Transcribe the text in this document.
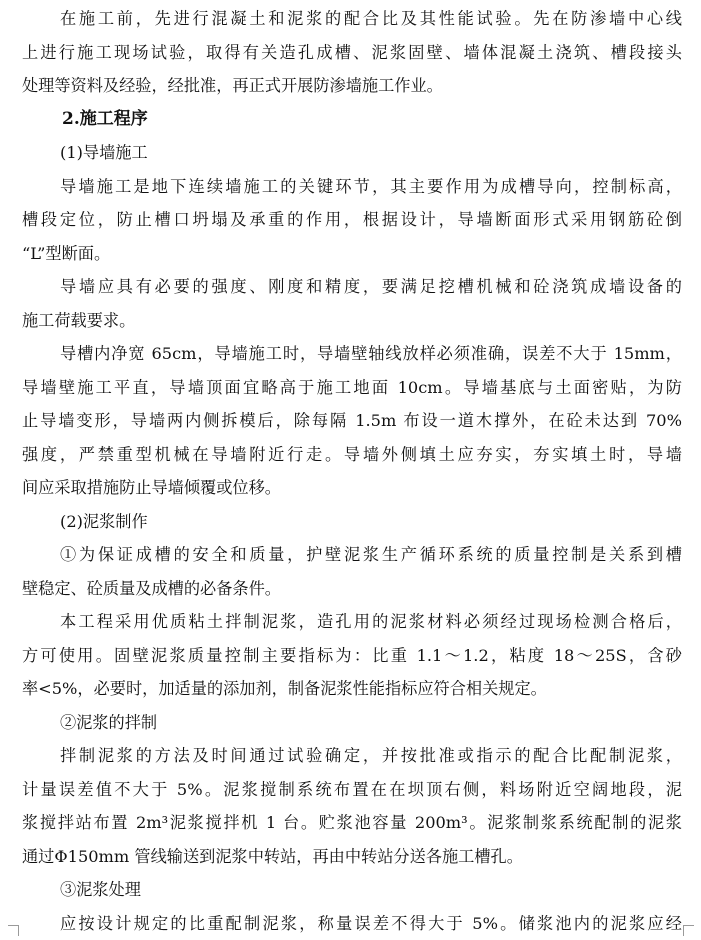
在施工前，先进行混凝土和泥浆的配合比及其性能试验。先在防渗墙中心线
上进行施工现场试验，取得有关造孔成槽、泥浆固壁、墙体混凝土浇筑、槽段接头
处理等资料及经验，经批准，再正式开展防渗墙施工作业。
2.施工程序
(1)导墙施工
导墙施工是地下连续墙施工的关键环节，其主要作用为成槽导向，控制标高，
槽段定位，防止槽口坍塌及承重的作用，根据设计，导墙断面形式采用钢筋砼倒
“L”型断面。
导墙应具有必要的强度、刚度和精度，要满足挖槽机械和砼浇筑成墙设备的
施工荷载要求。
导槽内净宽 65cm，导墙施工时，导墙壁轴线放样必须准确，误差不大于 15mm，
导墙壁施工平直，导墙顶面宜略高于施工地面 10cm。导墙基底与土面密贴，为防
止导墙变形，导墙两内侧拆模后，除每隔 1.5m 布设一道木撑外，在砼未达到 70%
强度，严禁重型机械在导墙附近行走。导墙外侧填土应夯实，夯实填土时，导墙
间应采取措施防止导墙倾覆或位移。
(2)泥浆制作
①为保证成槽的安全和质量，护壁泥浆生产循环系统的质量控制是关系到槽
壁稳定、砼质量及成槽的必备条件。
本工程采用优质粘土拌制泥浆，造孔用的泥浆材料必须经过现场检测合格后，
方可使用。固壁泥浆质量控制主要指标为：比重 1.1～1.2，粘度 18～25S，含砂
率<5%，必要时，加适量的添加剂，制备泥浆性能指标应符合相关规定。
②泥浆的拌制
拌制泥浆的方法及时间通过试验确定，并按批准或指示的配合比配制泥浆，
计量误差值不大于 5%。泥浆搅制系统布置在在坝顶右侧，料场附近空阔地段，泥
浆搅拌站布置 2m³泥浆搅拌机 1 台。贮浆池容量 200m³。泥浆制浆系统配制的泥浆
通过Φ150mm 管线输送到泥浆中转站，再由中转站分送各施工槽孔。
③泥浆处理
应按设计规定的比重配制泥浆，称量误差不得大于 5%。储浆池内的泥浆应经
